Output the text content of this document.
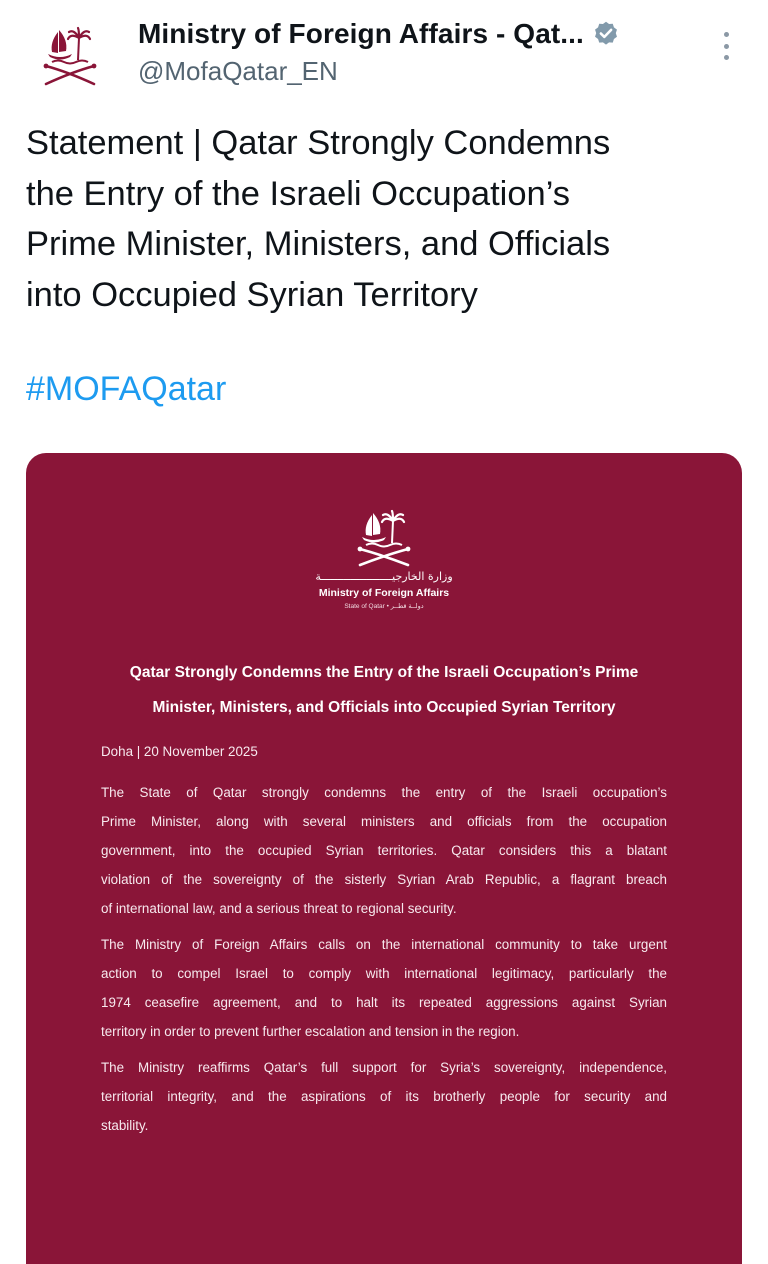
Ministry of Foreign Affairs - Qat...
@MofaQatar_EN
Statement | Qatar Strongly Condemns
the Entry of the Israeli Occupation’s
Prime Minister, Ministers, and Officials
into Occupied Syrian Territory
#MOFAQatar
وزارة الخارجيــــــــــــــــــــــة
Ministry of Foreign Affairs
State of Qatar • دولــة قطــر
Qatar Strongly Condemns the Entry of the Israeli Occupation’s Prime
Minister, Ministers, and Officials into Occupied Syrian Territory
Doha | 20 November 2025
The State of Qatar strongly condemns the entry of the Israeli occupation’s
Prime Minister, along with several ministers and officials from the occupation
government, into the occupied Syrian territories. Qatar considers this a blatant
violation of the sovereignty of the sisterly Syrian Arab Republic, a flagrant breach
of international law, and a serious threat to regional security.
The Ministry of Foreign Affairs calls on the international community to take urgent
action to compel Israel to comply with international legitimacy, particularly the
1974 ceasefire agreement, and to halt its repeated aggressions against Syrian
territory in order to prevent further escalation and tension in the region.
The Ministry reaffirms Qatar’s full support for Syria’s sovereignty, independence,
territorial integrity, and the aspirations of its brotherly people for security and
stability.
